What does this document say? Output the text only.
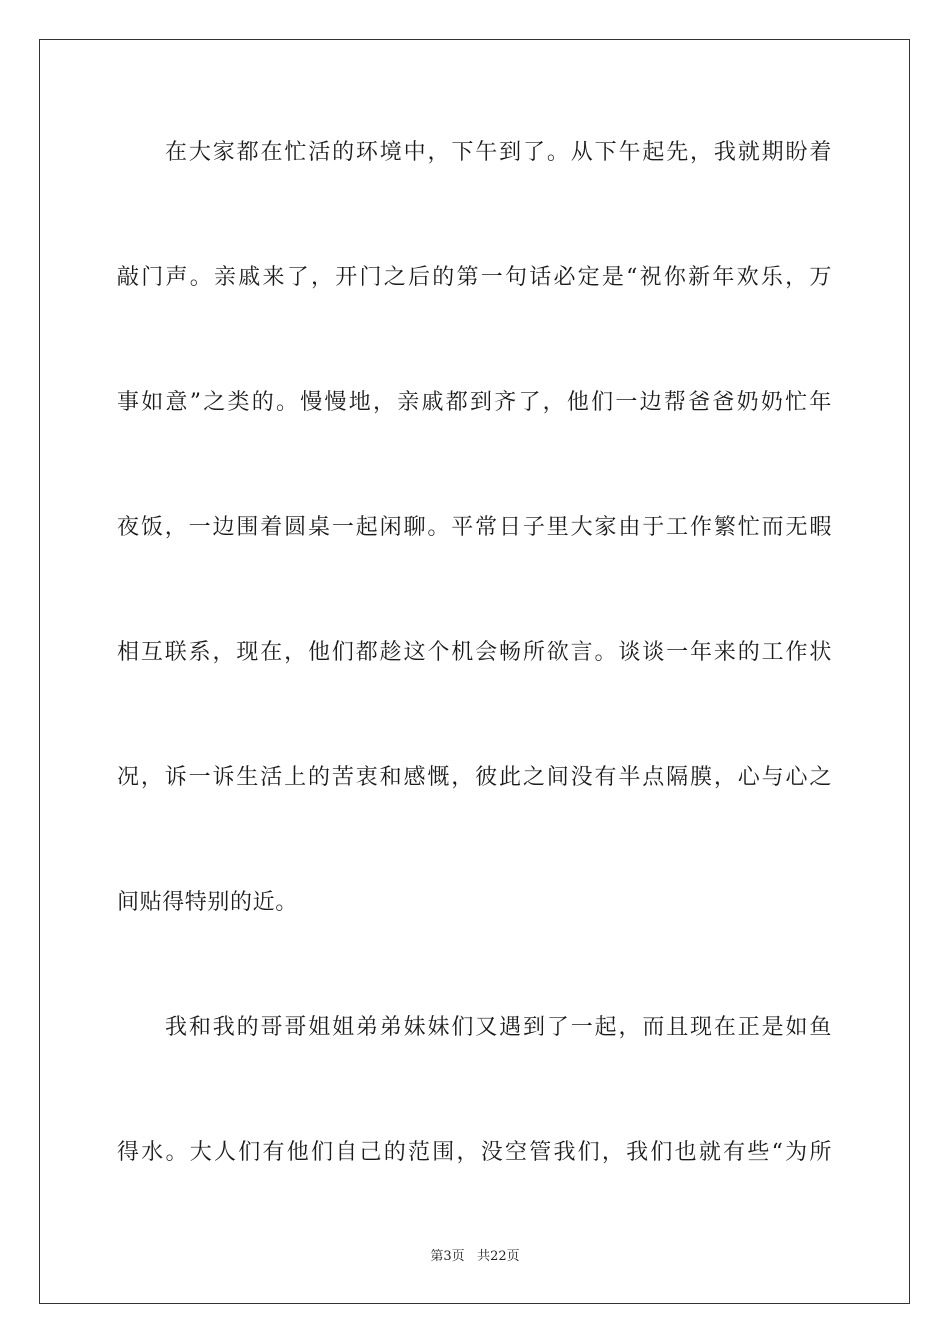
在大家都在忙活的环境中，下午到了。从下午起先，我就期盼着
敲门声。亲戚来了，开门之后的第一句话必定是“祝你新年欢乐，万
事如意”之类的。慢慢地，亲戚都到齐了，他们一边帮爸爸奶奶忙年
夜饭，一边围着圆桌一起闲聊。平常日子里大家由于工作繁忙而无暇
相互联系，现在，他们都趁这个机会畅所欲言。谈谈一年来的工作状
况，诉一诉生活上的苦衷和感慨，彼此之间没有半点隔膜，心与心之
间贴得特别的近。
我和我的哥哥姐姐弟弟妹妹们又遇到了一起，而且现在正是如鱼
得水。大人们有他们自己的范围，没空管我们，我们也就有些“为所
第3页 共22页
